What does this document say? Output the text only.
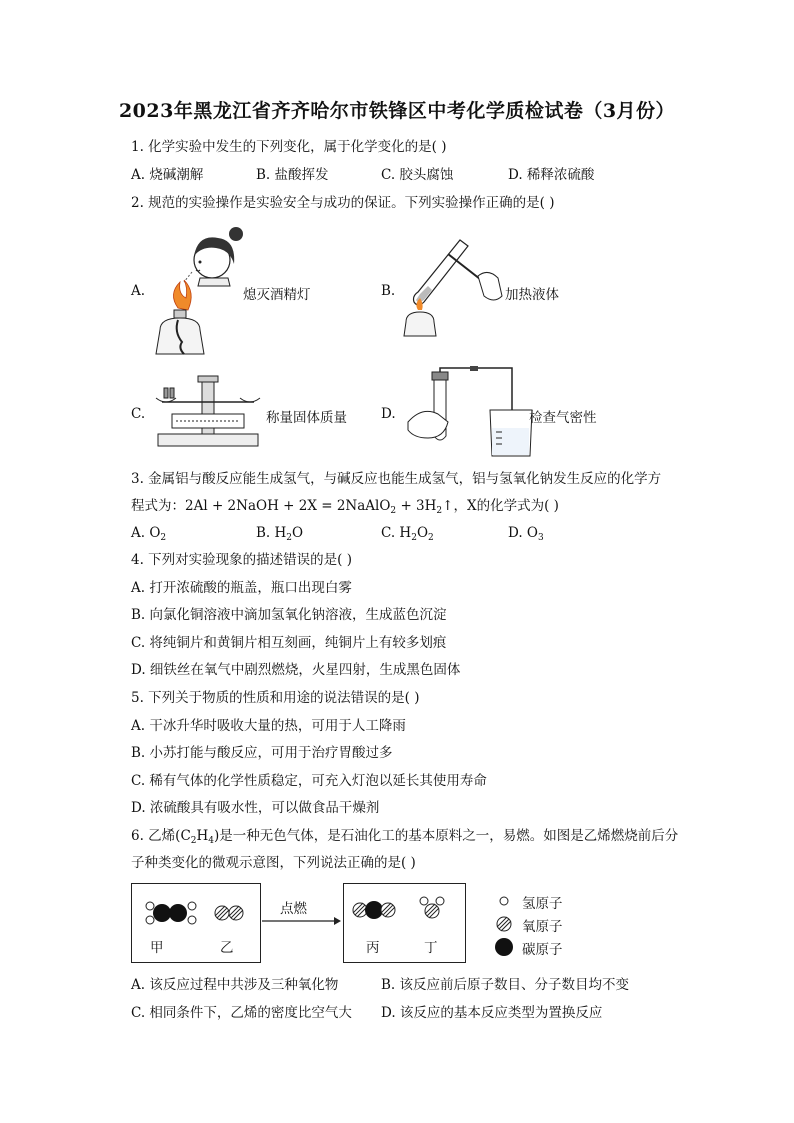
2023年黑龙江省齐齐哈尔市铁锋区中考化学质检试卷（3月份）
1. 化学实验中发生的下列变化，属于化学变化的是( )
A. 烧碱潮解	B. 盐酸挥发	C. 胶头腐蚀	D. 稀释浓硫酸
2. 规范的实验操作是实验安全与成功的保证。下列实验操作正确的是( )
A.	熄灭酒精灯	B.	加热液体
C.	称量固体质量	D.	检查气密性
3. 金属铝与酸反应能生成氢气，与碱反应也能生成氢气，铝与氢氧化钠发生反应的化学方
程式为：2Al + 2NaOH + 2X = 2NaAlO$_2$ + $3H_2↑$，X的化学式为( )
A. $O_2$	B. $H_2O$	C. $H_2O_2$	D. $O_3$
4. 下列对实验现象的描述错误的是( )
A. 打开浓硫酸的瓶盖，瓶口出现白雾
B. 向氯化铜溶液中滴加氢氧化钠溶液，生成蓝色沉淀
C. 将纯铜片和黄铜片相互刻画，纯铜片上有较多划痕
D. 细铁丝在氧气中剧烈燃烧，火星四射，生成黑色固体
5. 下列关于物质的性质和用途的说法错误的是( )
A. 干冰升华时吸收大量的热，可用于人工降雨
B. 小苏打能与酸反应，可用于治疗胃酸过多
C. 稀有气体的化学性质稳定，可充入灯泡以延长其使用寿命
D. 浓硫酸具有吸水性，可以做食品干燥剂
6. 乙烯$(C_2H_4)$是一种无色气体，是石油化工的基本原料之一，易燃。如图是乙烯燃烧前后分
子种类变化的微观示意图，下列说法正确的是( )
甲	乙
点燃
丙	丁
氢原子
氧原子
碳原子
A. 该反应过程中共涉及三种氧化物	B. 该反应前后原子数目、分子数目均不变
C. 相同条件下，乙烯的密度比空气大 D. 该反应的基本反应类型为置换反应
